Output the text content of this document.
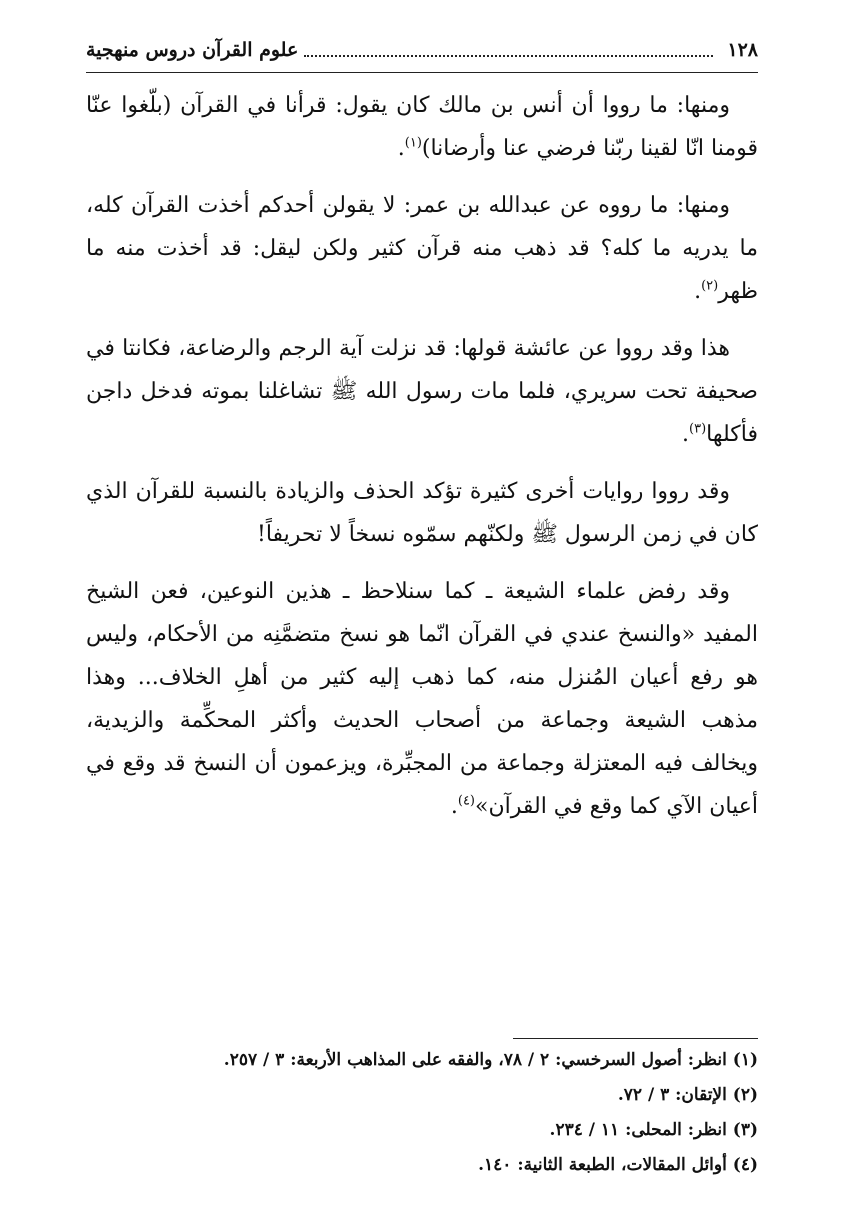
١٢٨
علوم القرآن دروس منهجية

ومنها: ما رووا أن أنس بن مالك كان يقول: قرأنا في القرآن (بلّغوا عنّا قومنا انّا لقينا ربّنا فرضي عنا وأرضانا)$^{(١)}$.

ومنها: ما رووه عن عبدالله بن عمر: لا يقولن أحدكم أخذت القرآن كله، ما يدريه ما كله؟ قد ذهب منه قرآن كثير ولكن ليقل: قد أخذت منه ما ظهر$^{(٢)}$.

هذا وقد رووا عن عائشة قولها: قد نزلت آية الرجم والرضاعة، فكانتا في صحيفة تحت سريري، فلما مات رسول الله ﷺ تشاغلنا بموته فدخل داجن فأكلها$^{(٣)}$.

وقد رووا روايات أخرى كثيرة تؤكد الحذف والزيادة بالنسبة للقرآن الذي كان في زمن الرسول ﷺ ولكنّهم سمّوه نسخاً لا تحريفاً!

وقد رفض علماء الشيعة ـ كما سنلاحظ ـ هذين النوعين، فعن الشيخ المفيد «والنسخ عندي في القرآن انّما هو نسخ متضمَّنِه من الأحكام، وليس هو رفع أعيان المُنزل منه، كما ذهب إليه كثير من أهلِ الخلاف... وهذا مذهب الشيعة وجماعة من أصحاب الحديث وأكثر المحكِّمة والزيدية، ويخالف فيه المعتزلة وجماعة من المجبِّرة، ويزعمون أن النسخ قد وقع في أعيان الآي كما وقع في القرآن»$^{(٤)}$.

(١) انظر: أصول السرخسي: ٢ / ٧٨، والفقه على المذاهب الأربعة: ٣ / ٢٥٧.
(٢) الإتقان: ٣ / ٧٢.
(٣) انظر: المحلى: ١١ / ٢٣٤.
(٤) أوائل المقالات، الطبعة الثانية: ١٤٠.
